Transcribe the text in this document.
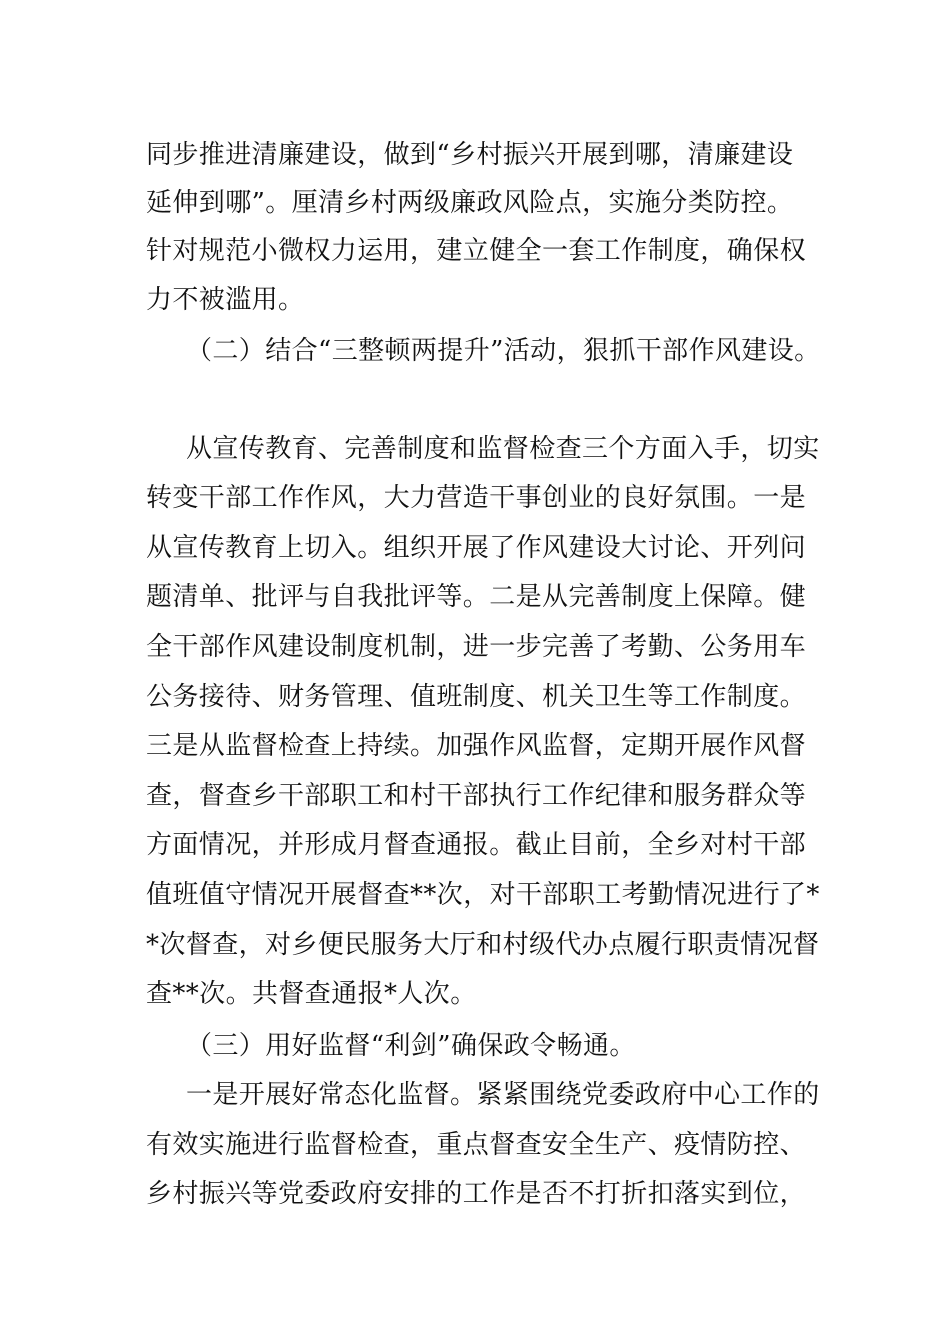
同步推进清廉建设，做到“乡村振兴开展到哪，清廉建设
延伸到哪”。厘清乡村两级廉政风险点，实施分类防控。
针对规范小微权力运用，建立健全一套工作制度，确保权
力不被滥用。
（二）结合“三整顿两提升”活动，狠抓干部作风建设。
从宣传教育、完善制度和监督检查三个方面入手，切实
转变干部工作作风，大力营造干事创业的良好氛围。一是
从宣传教育上切入。组织开展了作风建设大讨论、开列问
题清单、批评与自我批评等。二是从完善制度上保障。健
全干部作风建设制度机制，进一步完善了考勤、公务用车
公务接待、财务管理、值班制度、机关卫生等工作制度。
三是从监督检查上持续。加强作风监督，定期开展作风督
查，督查乡干部职工和村干部执行工作纪律和服务群众等
方面情况，并形成月督查通报。截止目前，全乡对村干部
值班值守情况开展督查**次，对干部职工考勤情况进行了*
*次督查，对乡便民服务大厅和村级代办点履行职责情况督
查**次。共督查通报*人次。
（三）用好监督“利剑”确保政令畅通。
一是开展好常态化监督。紧紧围绕党委政府中心工作的
有效实施进行监督检查，重点督查安全生产、疫情防控、
乡村振兴等党委政府安排的工作是否不打折扣落实到位，
